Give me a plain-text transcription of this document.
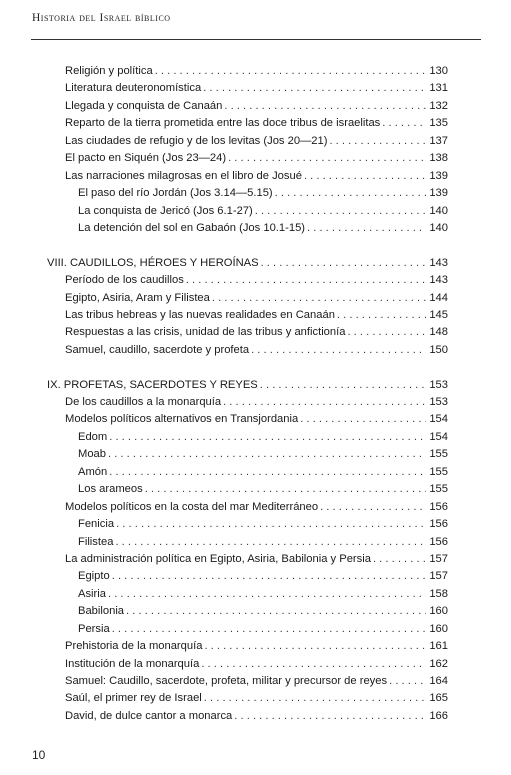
Historia del Israel bíblico
Religión y política . . .	130
Literatura deuteronomística . . .	131
Llegada y conquista de Canaán . . .	132
Reparto de la tierra prometida entre las doce tribus de israelitas . . .	135
Las ciudades de refugio y de los levitas (Jos 20—21) . . .	137
El pacto en Siquén (Jos 23—24) . . .	138
Las narraciones milagrosas en el libro de Josué . . .	139
El paso del río Jordán (Jos 3.14—5.15) . . .	139
La conquista de Jericó (Jos 6.1-27) . . .	140
La detención del sol en Gabaón (Jos 10.1-15) . . .	140
VIII. CAUDILLOS, HÉROES Y HEROÍNAS . . .	143
Período de los caudillos . . .	143
Egipto, Asiria, Aram y Filistea . . .	144
Las tribus hebreas y las nuevas realidades en Canaán . . .	145
Respuestas a las crisis, unidad de las tribus y anfictionía . . .	148
Samuel, caudillo, sacerdote y profeta . . .	150
IX. PROFETAS, SACERDOTES Y REYES . . .	153
De los caudillos a la monarquía . . .	153
Modelos políticos alternativos en Transjordania . . .	154
Edom . . .	154
Moab . . .	155
Amón . . .	155
Los arameos . . .	155
Modelos políticos en la costa del mar Mediterráneo . . .	156
Fenicia . . .	156
Filistea . . .	156
La administración política en Egipto, Asiria, Babilonia y Persia . . .	157
Egipto . . .	157
Asiria . . .	158
Babilonia . . .	160
Persia . . .	160
Prehistoria de la monarquía . . .	161
Institución de la monarquía . . .	162
Samuel: Caudillo, sacerdote, profeta, militar y precursor de reyes . . .	164
Saúl, el primer rey de Israel . . .	165
David, de dulce cantor a monarca . . .	166
10
